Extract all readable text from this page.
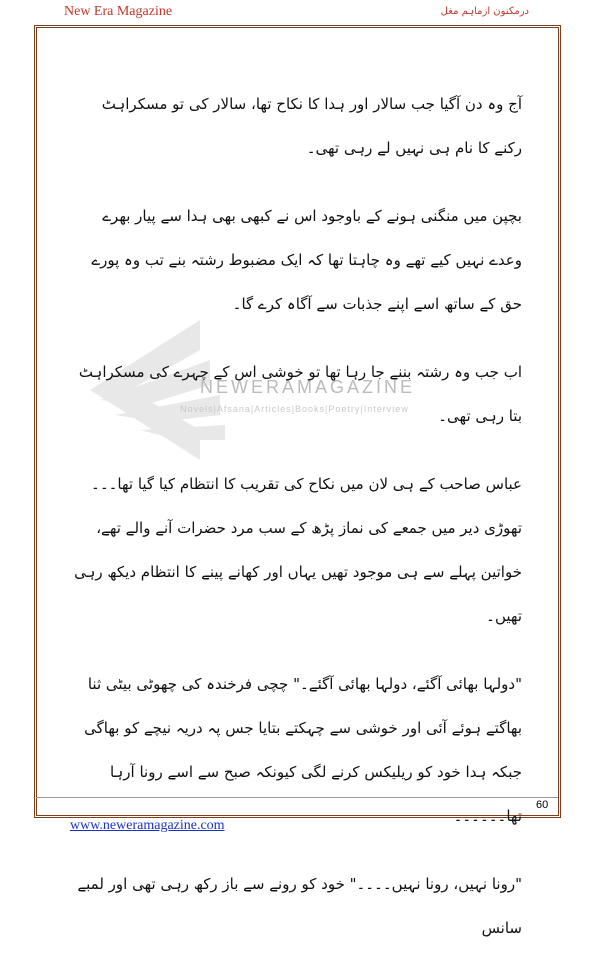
New Era Magazine	درمکنون ازماہم مغل
NEWERAMAGAZINE
Novels|Afsana|Articles|Books|Poetry|Interview

آج وہ دن آگیا جب سالار اور ہدا کا نکاح تھا، سالار کی تو مسکراہٹ رکنے کا نام ہی نہیں لے رہی تھی۔

بچپن میں منگنی ہونے کے باوجود اس نے کبھی بھی ہدا سے پیار بھرے وعدے نہیں کیے تھے وہ چاہتا تھا کہ ایک مضبوط رشتہ بنے تب وہ پورے حق کے ساتھ اسے اپنے جذبات سے آگاہ کرے گا۔

اب جب وہ رشتہ بننے جا رہا تھا تو خوشی اس کے چہرے کی مسکراہٹ بتا رہی تھی۔

عباس صاحب کے ہی لان میں نکاح کی تقریب کا انتظام کیا گیا تھا۔۔۔ تھوڑی دیر میں جمعے کی نماز پڑھ کے سب مرد حضرات آنے والے تھے، خواتین پہلے سے ہی موجود تھیں یہاں اور کھانے پینے کا انتظام دیکھ رہی تھیں۔

"دولہا بھائی آگئے، دولہا بھائی آگئے۔" چچی فرخندہ کی چھوٹی بیٹی ثنا بھاگتے ہوئے آئی اور خوشی سے چہکتے بتایا جس پہ دریہ نیچے کو بھاگی جبکہ ہدا خود کو ریلیکس کرنے لگی کیونکہ صبح سے اسے رونا آرہا تھا۔۔۔۔۔۔

"رونا نہیں، رونا نہیں۔۔۔۔" خود کو رونے سے باز رکھ رہی تھی اور لمبے سانس

60
www.neweramagazine.com
